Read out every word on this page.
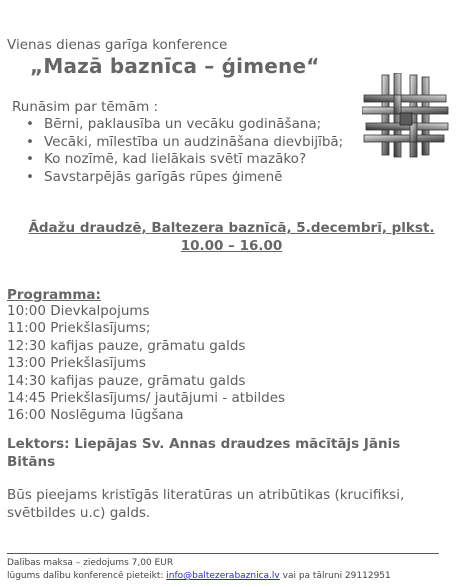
Vienas dienas garīga konference
„Mazā baznīca – ģimene“
Runāsim par tēmām :
• Bērni, paklausība un vecāku godināšana;
• Vecāki, mīlestība un audzināšana dievbijībā;
• Ko nozīmē, kad lielākais svētī mazāko?
• Savstarpējās garīgās rūpes ģimenē
Ādažu draudzē, Baltezera baznīcā, 5.decembrī, plkst.
10.00 – 16.00
Programma:
10:00 Dievkalpojums
11:00 Priekšlasījums;
12:30 kafijas pauze, grāmatu galds
13:00 Priekšlasījums
14:30 kafijas pauze, grāmatu galds
14:45 Priekšlasījums/ jautājumi - atbildes
16:00 Noslēguma lūgšana
Lektors: Liepājas Sv. Annas draudzes mācītājs Jānis Bitāns
Būs pieejams kristīgās literatūras un atribūtikas (krucifiksi, svētbildes u.c) galds.
Dalības maksa – ziedojums 7,00 EUR
lūgums dalību konferencē pieteikt: info@baltezerabaznica.lv vai pa tālruni 29112951
